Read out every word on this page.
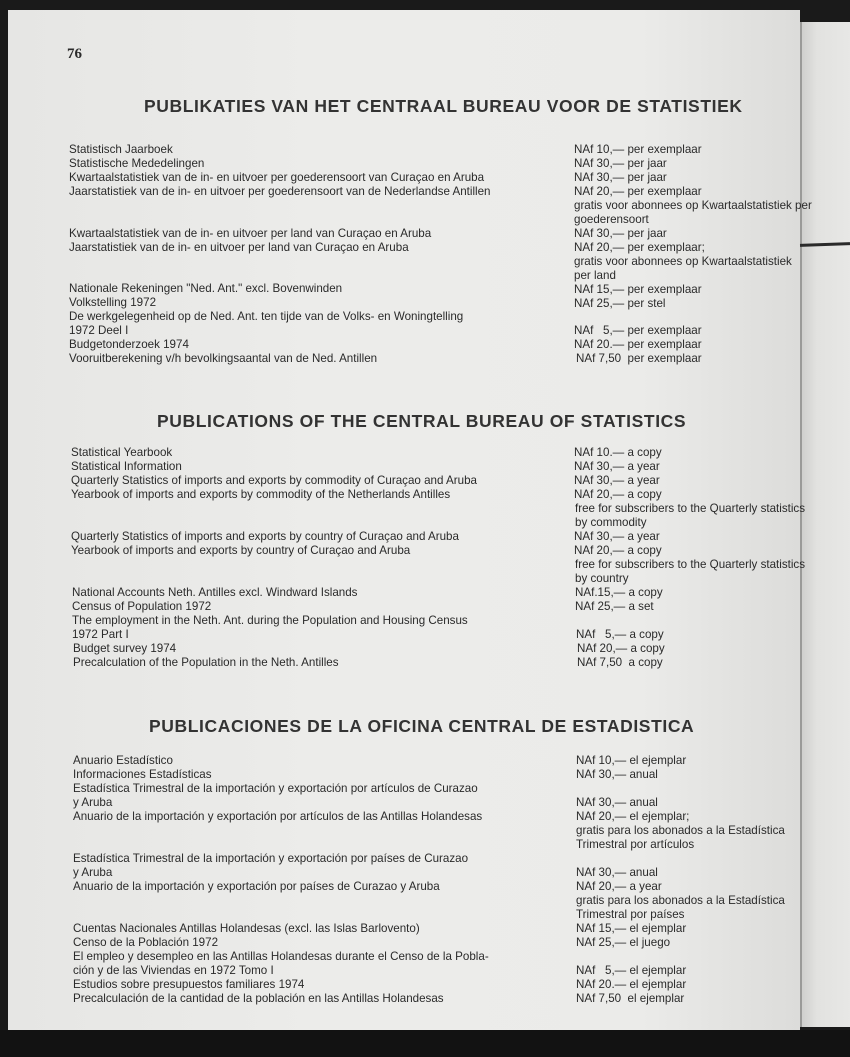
76
PUBLIKATIES VAN HET CENTRAAL BUREAU VOOR DE STATISTIEK
Statistisch Jaarboek
Statistische Mededelingen
Kwartaalstatistiek van de in- en uitvoer per goederensoort van Curaçao en Aruba
Jaarstatistiek van de in- en uitvoer per goederensoort van de Nederlandse Antillen
Kwartaalstatistiek van de in- en uitvoer per land van Curaçao en Aruba
Jaarstatistiek van de in- en uitvoer per land van Curaçao en Aruba
Nationale Rekeningen "Ned. Ant." excl. Bovenwinden
Volkstelling 1972
De werkgelegenheid op de Ned. Ant. ten tijde van de Volks- en Woningtelling
1972 Deel I
Budgetonderzoek 1974
Vooruitberekening v/h bevolkingsaantal van de Ned. Antillen
NAf 10,— per exemplaar
NAf 30,— per jaar
NAf 30,— per jaar
NAf 20,— per exemplaar
gratis voor abonnees op Kwartaalstatistiek per
goederensoort
NAf 30,— per jaar
NAf 20,— per exemplaar;
gratis voor abonnees op Kwartaalstatistiek
per land
NAf 15,— per exemplaar
NAf 25,— per stel
NAf   5,— per exemplaar
NAf 20.— per exemplaar
NAf 7,50  per exemplaar
PUBLICATIONS OF THE CENTRAL BUREAU OF STATISTICS
Statistical Yearbook
Statistical Information
Quarterly Statistics of imports and exports by commodity of Curaçao and Aruba
Yearbook of imports and exports by commodity of the Netherlands Antilles
Quarterly Statistics of imports and exports by country of Curaçao and Aruba
Yearbook of imports and exports by country of Curaçao and Aruba
National Accounts Neth. Antilles excl. Windward Islands
Census of Population 1972
The employment in the Neth. Ant. during the Population and Housing Census
1972 Part I
Budget survey 1974
Precalculation of the Population in the Neth. Antilles
NAf 10.— a copy
NAf 30,— a year
NAf 30,— a year
NAf 20,— a copy
free for subscribers to the Quarterly statistics
by commodity
NAf 30,— a year
NAf 20,— a copy
free for subscribers to the Quarterly statistics
by country
NAf.15,— a copy
NAf 25,— a set
NAf   5,— a copy
NAf 20,— a copy
NAf 7,50  a copy
PUBLICACIONES DE LA OFICINA CENTRAL DE ESTADISTICA
Anuario Estadístico
Informaciones Estadísticas
Estadística Trimestral de la importación y exportación por artículos de Curazao
y Aruba
Anuario de la importación y exportación por artículos de las Antillas Holandesas
Estadística Trimestral de la importación y exportación por países de Curazao
y Aruba
Anuario de la importación y exportación por países de Curazao y Aruba
Cuentas Nacionales Antillas Holandesas (excl. las Islas Barlovento)
Censo de la Población 1972
El empleo y desempleo en las Antillas Holandesas durante el Censo de la Pobla-
ción y de las Viviendas en 1972 Tomo I
Estudios sobre presupuestos familiares 1974
Precalculación de la cantidad de la población en las Antillas Holandesas
NAf 10,— el ejemplar
NAf 30,— anual
NAf 30,— anual
NAf 20,— el ejemplar;
gratis para los abonados a la Estadística
Trimestral por artículos
NAf 30,— anual
NAf 20,— a year
gratis para los abonados a la Estadística
Trimestral por países
NAf 15,— el ejemplar
NAf 25,— el juego
NAf   5,— el ejemplar
NAf 20.— el ejemplar
NAf 7,50  el ejemplar
